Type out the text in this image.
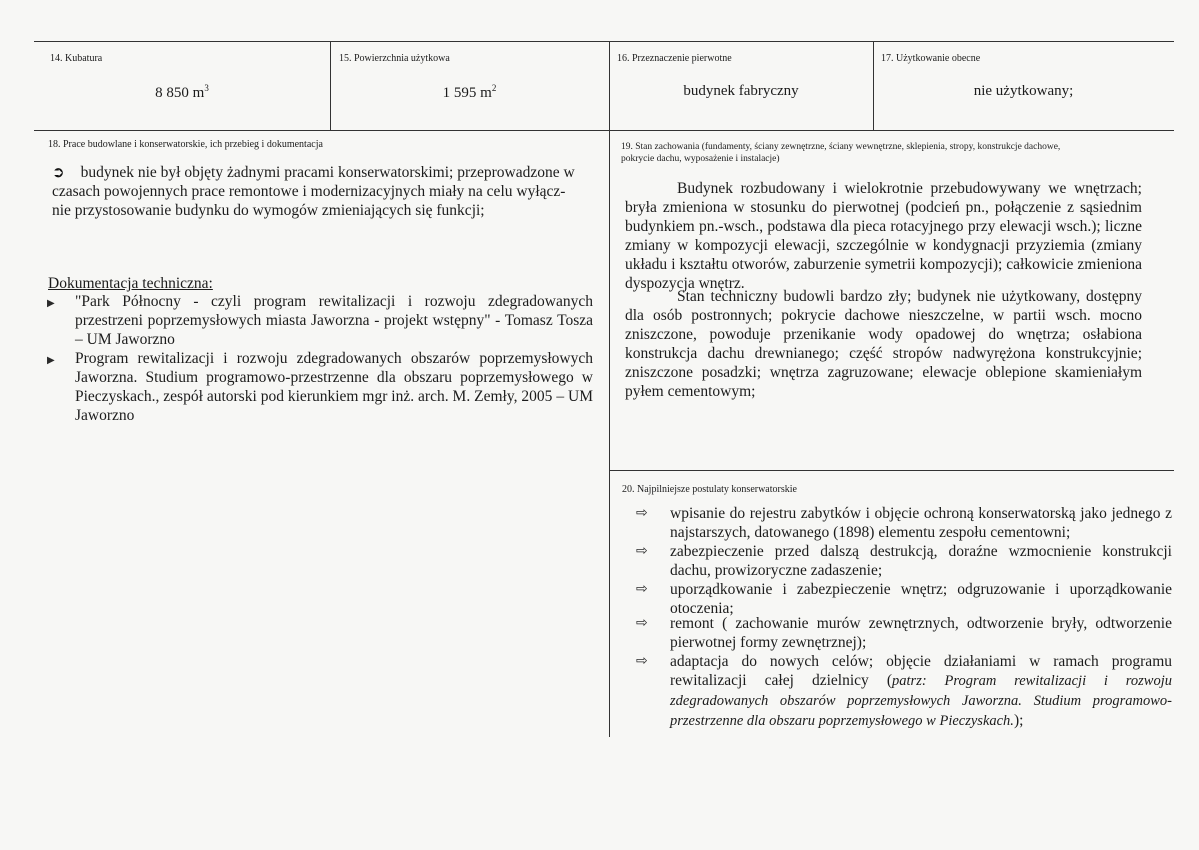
14. Kubatura
8 850 $m^3$
15. Powierzchnia użytkowa
1 595 $m^2$
16. Przeznaczenie pierwotne
budynek fabryczny
17. Użytkowanie obecne
nie użytkowany;
18. Prace budowlane i konserwatorskie, ich przebieg i dokumentacja
➲ budynek nie był objęty żadnymi pracami konserwatorskimi; przeprowadzone w
czasach powojennych prace remontowe i modernizacyjnych miały na celu wyłącz-
nie przystosowanie budynku do wymogów zmieniających się funkcji;
Dokumentacja techniczna:
▶	"Park Północny - czyli program rewitalizacji i rozwoju zdegradowanych przestrzeni poprzemysłowych miasta Jaworzna - projekt wstępny" - Tomasz Tosza – UM Jaworzno
▶	Program rewitalizacji i rozwoju zdegradowanych obszarów poprzemysłowych Jaworzna. Studium programowo-przestrzenne dla obszaru poprzemysłowego w Pieczyskach., zespół autorski pod kierunkiem mgr inż. arch. M. Zemły, 2005 – UM Jaworzno
19. Stan zachowania (fundamenty, ściany zewnętrzne, ściany wewnętrzne, sklepienia, stropy, konstrukcje dachowe,
pokrycie dachu, wyposażenie i instalacje)
Budynek rozbudowany i wielokrotnie przebudowywany we wnętrzach; bryła zmieniona w stosunku do pierwotnej (podcień pn., połączenie z sąsiednim budynkiem pn.-wsch., podstawa dla pieca rotacyjnego przy elewacji wsch.); liczne zmiany w kompozycji elewacji, szczególnie w kondygnacji przyziemia (zmiany układu i kształtu otworów, zaburzenie symetrii kompozycji); całkowicie zmieniona dyspozycja wnętrz.
Stan techniczny budowli bardzo zły; budynek nie użytkowany, dostępny dla osób postronnych; pokrycie dachowe nieszczelne, w partii wsch. mocno zniszczone, powoduje przenikanie wody opadowej do wnętrza; osłabiona konstrukcja dachu drewnianego; część stropów nadwyrężona konstrukcyjnie; zniszczone posadzki; wnętrza zagruzowane; elewacje oblepione skamieniałym pyłem cementowym;
20. Najpilniejsze postulaty konserwatorskie
⇨	wpisanie do rejestru zabytków i objęcie ochroną konserwatorską jako jednego z najstarszych, datowanego (1898) elementu zespołu cementowni;
⇨	zabezpieczenie przed dalszą destrukcją, doraźne wzmocnienie konstrukcji dachu, prowizoryczne zadaszenie;
⇨	uporządkowanie i zabezpieczenie wnętrz; odgruzowanie i uporządkowanie otoczenia;
⇨	remont ( zachowanie murów zewnętrznych, odtworzenie bryły, odtworzenie pierwotnej formy zewnętrznej);
⇨	adaptacja do nowych celów; objęcie działaniami w ramach programu rewitalizacji całej dzielnicy (patrz: Program rewitalizacji i rozwoju zdegradowanych obszarów poprzemysłowych Jaworzna. Studium programowo-przestrzenne dla obszaru poprzemysłowego w Pieczyskach.);
